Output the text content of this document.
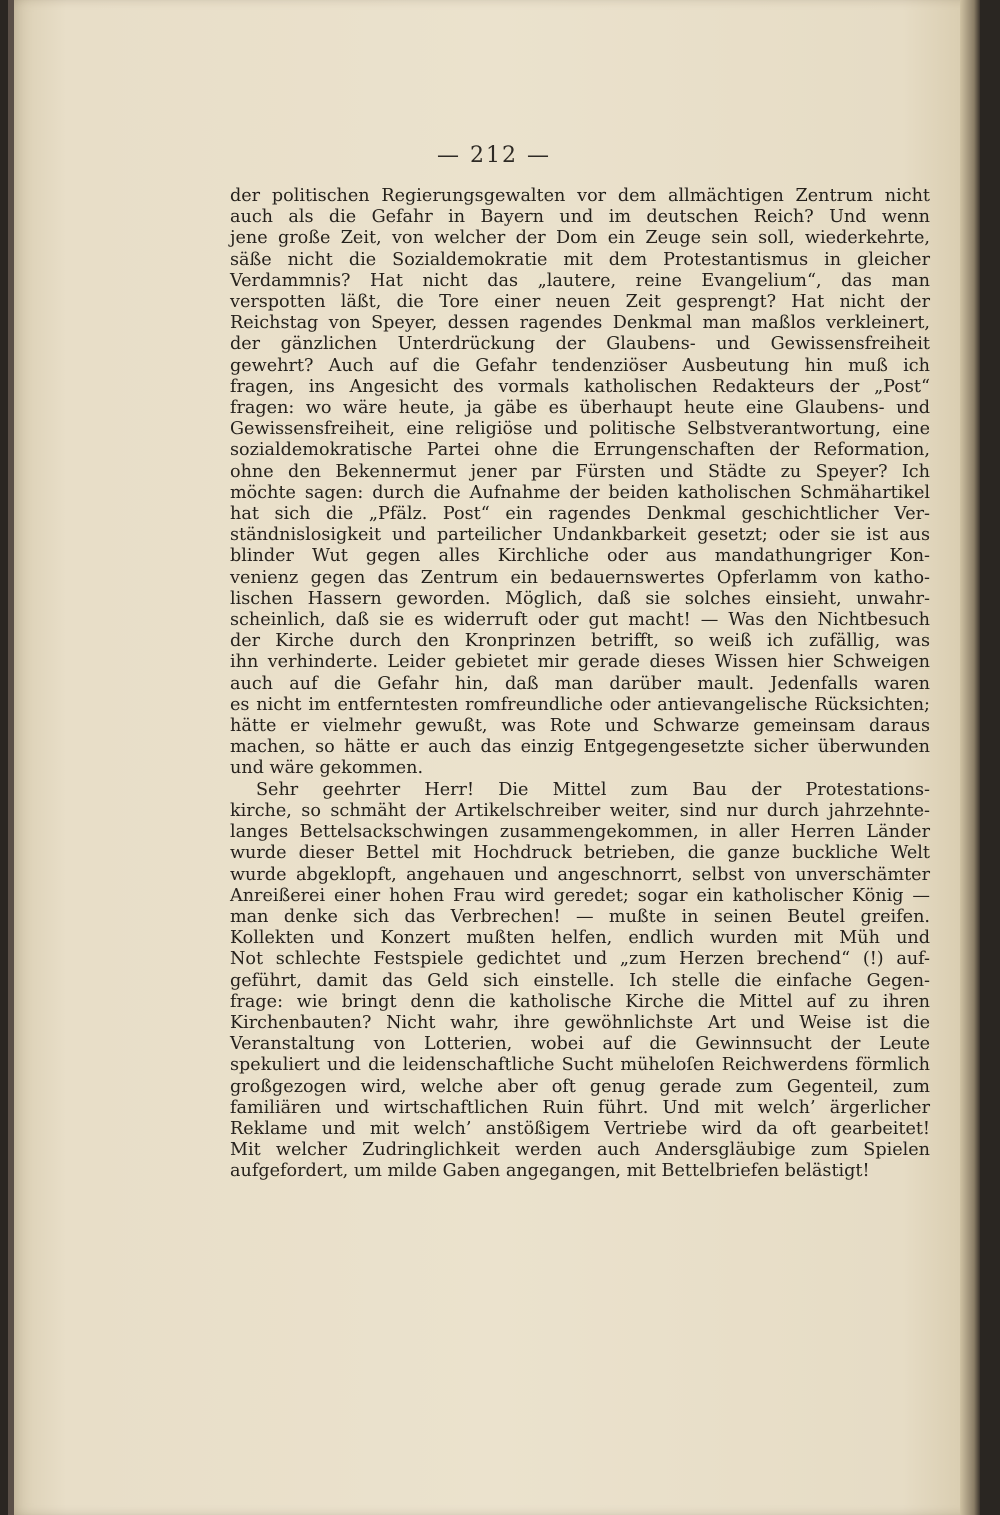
— 212 —
der politischen Regierungsgewalten vor dem allmächtigen Zentrum nicht
auch als die Gefahr in Bayern und im deutschen Reich? Und wenn
jene große Zeit, von welcher der Dom ein Zeuge sein soll, wiederkehrte,
säße nicht die Sozialdemokratie mit dem Protestantismus in gleicher
Verdammnis? Hat nicht das „lautere, reine Evangelium“, das man
verspotten läßt, die Tore einer neuen Zeit gesprengt? Hat nicht der
Reichstag von Speyer, dessen ragendes Denkmal man maßlos verkleinert,
der gänzlichen Unterdrückung der Glaubens- und Gewissensfreiheit
gewehrt? Auch auf die Gefahr tendenziöser Ausbeutung hin muß ich
fragen, ins Angesicht des vormals katholischen Redakteurs der „Post“
fragen: wo wäre heute, ja gäbe es überhaupt heute eine Glaubens- und
Gewissensfreiheit, eine religiöse und politische Selbstverantwortung, eine
sozialdemokratische Partei ohne die Errungenschaften der Reformation,
ohne den Bekennermut jener par Fürsten und Städte zu Speyer? Ich
möchte sagen: durch die Aufnahme der beiden katholischen Schmähartikel
hat sich die „Pfälz. Post“ ein ragendes Denkmal geschichtlicher Ver-
ständnislosigkeit und parteilicher Undankbarkeit gesetzt; oder sie ist aus
blinder Wut gegen alles Kirchliche oder aus mandathungriger Kon-
venienz gegen das Zentrum ein bedauernswertes Opferlamm von katho-
lischen Hassern geworden. Möglich, daß sie solches einsieht, unwahr-
scheinlich, daß sie es widerruft oder gut macht! — Was den Nichtbesuch
der Kirche durch den Kronprinzen betrifft, so weiß ich zufällig, was
ihn verhinderte. Leider gebietet mir gerade dieses Wissen hier Schweigen
auch auf die Gefahr hin, daß man darüber mault. Jedenfalls waren
es nicht im entferntesten romfreundliche oder antievangelische Rücksichten;
hätte er vielmehr gewußt, was Rote und Schwarze gemeinsam daraus
machen, so hätte er auch das einzig Entgegengesetzte sicher überwunden
und wäre gekommen.
Sehr geehrter Herr! Die Mittel zum Bau der Protestations-
kirche, so schmäht der Artikelschreiber weiter, sind nur durch jahrzehnte-
langes Bettelsackschwingen zusammengekommen, in aller Herren Länder
wurde dieser Bettel mit Hochdruck betrieben, die ganze buckliche Welt
wurde abgeklopft, angehauen und angeschnorrt, selbst von unverschämter
Anreißerei einer hohen Frau wird geredet; sogar ein katholischer König —
man denke sich das Verbrechen! — mußte in seinen Beutel greifen.
Kollekten und Konzert mußten helfen, endlich wurden mit Müh und
Not schlechte Festspiele gedichtet und „zum Herzen brechend“ (!) auf-
geführt, damit das Geld sich einstelle. Ich stelle die einfache Gegen-
frage: wie bringt denn die katholische Kirche die Mittel auf zu ihren
Kirchenbauten? Nicht wahr, ihre gewöhnlichste Art und Weise ist die
Veranstaltung von Lotterien, wobei auf die Gewinnsucht der Leute
spekuliert und die leidenschaftliche Sucht müheloſen Reichwerdens förmlich
großgezogen wird, welche aber oft genug gerade zum Gegenteil, zum
familiären und wirtschaftlichen Ruin führt. Und mit welch’ ärgerlicher
Reklame und mit welch’ anstößigem Vertriebe wird da oft gearbeitet!
Mit welcher Zudringlichkeit werden auch Andersgläubige zum Spielen
aufgefordert, um milde Gaben angegangen, mit Bettelbriefen belästigt!
